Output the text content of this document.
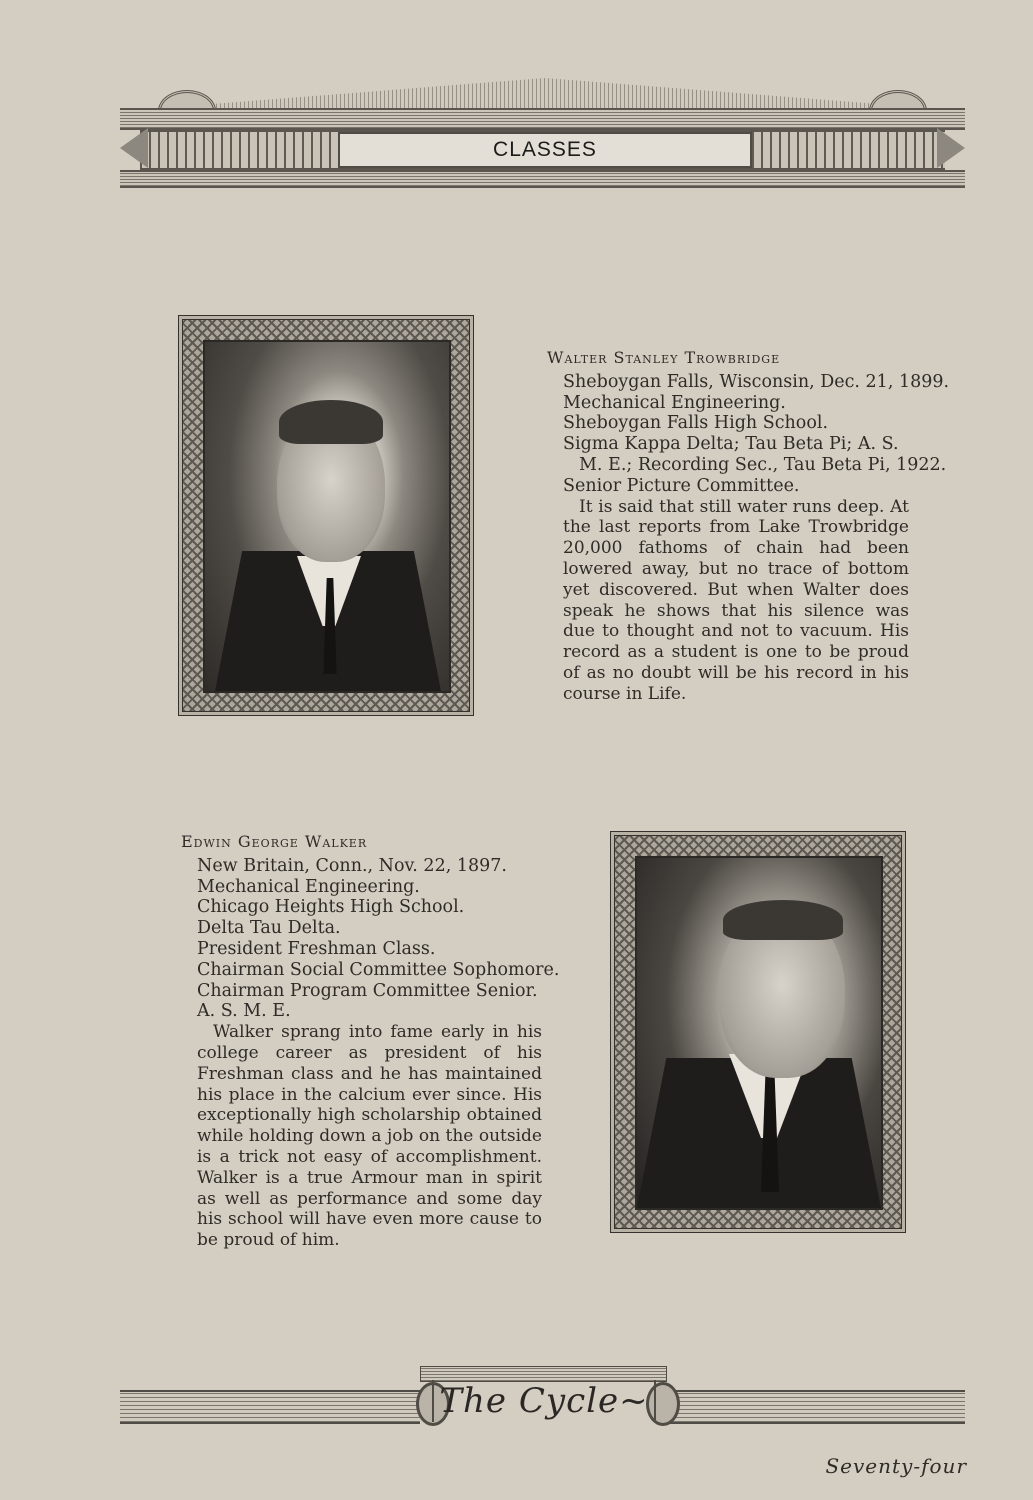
CLASSES
Walter Stanley Trowbridge
Sheboygan Falls, Wisconsin, Dec. 21, 1899.
Mechanical Engineering.
Sheboygan Falls High School.
Sigma Kappa Delta; Tau Beta Pi; A. S.
M. E.; Recording Sec., Tau Beta Pi, 1922.
Senior Picture Committee.
It is said that still water runs deep. At the last reports from Lake Trowbridge 20,000 fathoms of chain had been lowered away, but no trace of bottom yet discovered. But when Walter does speak he shows that his silence was due to thought and not to vacuum. His record as a student is one to be proud of as no doubt will be his record in his course in Life.
Edwin George Walker
New Britain, Conn., Nov. 22, 1897.
Mechanical Engineering.
Chicago Heights High School.
Delta Tau Delta.
President Freshman Class.
Chairman Social Committee Sophomore.
Chairman Program Committee Senior.
A. S. M. E.
Walker sprang into fame early in his college career as president of his Freshman class and he has maintained his place in the calcium ever since. His exceptionally high scholarship obtained while holding down a job on the outside is a trick not easy of accomplishment. Walker is a true Armour man in spirit as well as performance and some day his school will have even more cause to be proud of him.
The Cycle~
Seventy-four
